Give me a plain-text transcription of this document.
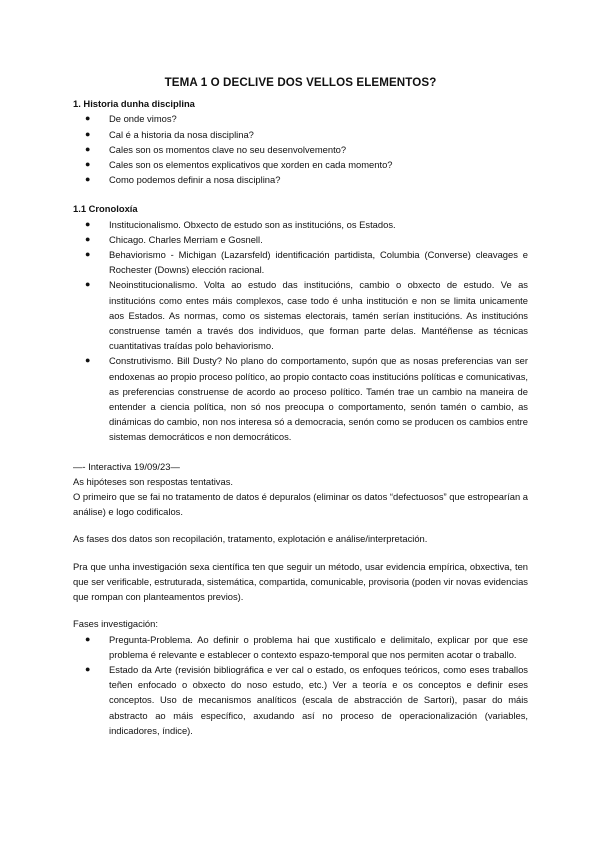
TEMA 1 O DECLIVE DOS VELLOS ELEMENTOS?
1. Historia dunha disciplina
● De onde vimos?
● Cal é a historia da nosa disciplina?
● Cales son os momentos clave no seu desenvolvemento?
● Cales son os elementos explicativos que xorden en cada momento?
● Como podemos definir a nosa disciplina?
1.1 Cronoloxía
● Institucionalismo. Obxecto de estudo son as institucións, os Estados.
● Chicago. Charles Merriam e Gosnell.
● Behaviorismo - Michigan (Lazarsfeld) identificación partidista, Columbia (Converse) cleavages e Rochester (Downs) elección racional.
● Neoinstitucionalismo. Volta ao estudo das institucións, cambio o obxecto de estudo. Ve as institucións como entes máis complexos, case todo é unha institución e non se limita unicamente aos Estados. As normas, como os sistemas electorais, tamén serían institucións. As institucións construense tamén a través dos individuos, que forman parte delas. Mantéñense as técnicas cuantitativas traídas polo behaviorismo.
● Construtivismo. Bill Dusty? No plano do comportamento, supón que as nosas preferencias van ser endoxenas ao propio proceso político, ao propio contacto coas institucións políticas e comunicativas, as preferencias construense de acordo ao proceso político. Tamén trae un cambio na maneira de entender a ciencia política, non só nos preocupa o comportamento, senón tamén o cambio, as dinámicas do cambio, non nos interesa só a democracia, senón como se producen os cambios entre sistemas democráticos e non democráticos.

—- Interactiva 19/09/23—

As hipóteses son respostas tentativas.

O primeiro que se fai no tratamento de datos é depuralos (eliminar os datos “defectuosos” que estropearían a análise) e logo codificalos.

As fases dos datos son recopilación, tratamento, explotación e análise/interpretación.

Pra que unha investigación sexa científica ten que seguir un método, usar evidencia empírica, obxectiva, ten que ser verificable, estruturada, sistemática, compartida, comunicable, provisoria (poden vir novas evidencias que rompan con planteamentos previos).

Fases investigación:

● Pregunta-Problema. Ao definir o problema hai que xustificalo e delimitalo, explicar por que ese problema é relevante e establecer o contexto espazo-temporal que nos permiten acotar o traballo.
● Estado da Arte (revisión bibliográfica e ver cal o estado, os enfoques teóricos, como eses traballos teñen enfocado o obxecto do noso estudo, etc.) Ver a teoría e os conceptos e definir eses conceptos. Uso de mecanismos analíticos (escala de abstracción de Sartori), pasar do máis abstracto ao máis específico, axudando así no proceso de operacionalización (variables, indicadores, índice).
